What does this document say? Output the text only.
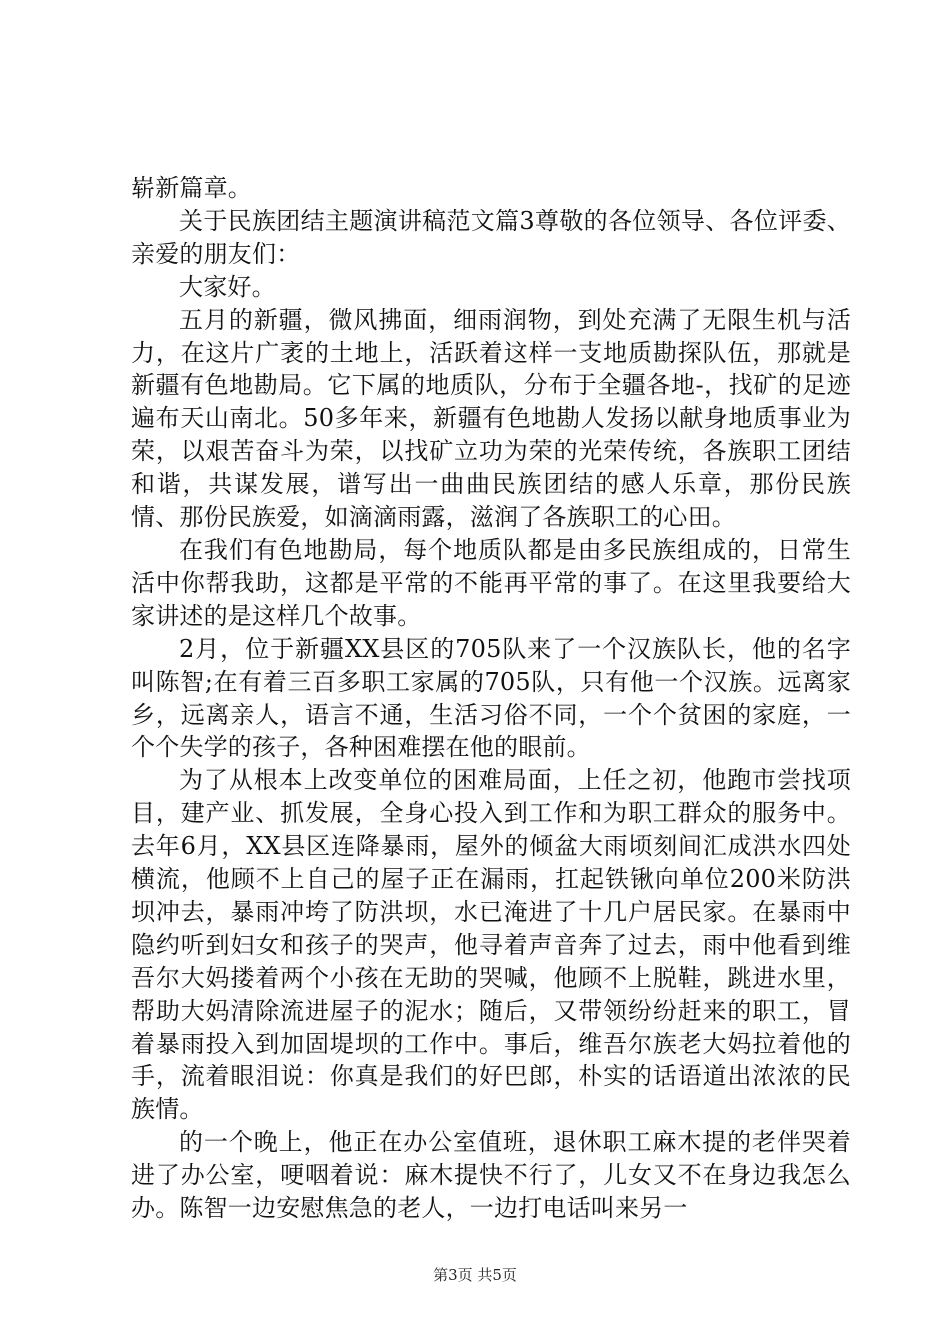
崭新篇章。

关于民族团结主题演讲稿范文篇3尊敬的各位领导、各位评委、亲爱的朋友们：

大家好。

五月的新疆，微风拂面，细雨润物，到处充满了无限生机与活力，在这片广袤的土地上，活跃着这样一支地质勘探队伍，那就是新疆有色地勘局。它下属的地质队，分布于全疆各地-，找矿的足迹遍布天山南北。50多年来，新疆有色地勘人发扬以献身地质事业为荣，以艰苦奋斗为荣，以找矿立功为荣的光荣传统，各族职工团结和谐，共谋发展，谱写出一曲曲民族团结的感人乐章，那份民族情、那份民族爱，如滴滴雨露，滋润了各族职工的心田。

在我们有色地勘局，每个地质队都是由多民族组成的，日常生活中你帮我助，这都是平常的不能再平常的事了。在这里我要给大家讲述的是这样几个故事。

2月，位于新疆XX县区的705队来了一个汉族队长，他的名字叫陈智;在有着三百多职工家属的705队，只有他一个汉族。远离家乡，远离亲人，语言不通，生活习俗不同，一个个贫困的家庭，一个个失学的孩子，各种困难摆在他的眼前。

为了从根本上改变单位的困难局面，上任之初，他跑市尝找项目，建产业、抓发展，全身心投入到工作和为职工群众的服务中。去年6月，XX县区连降暴雨，屋外的倾盆大雨顷刻间汇成洪水四处横流，他顾不上自己的屋子正在漏雨，扛起铁锹向单位200米防洪坝冲去，暴雨冲垮了防洪坝，水已淹进了十几户居民家。在暴雨中隐约听到妇女和孩子的哭声，他寻着声音奔了过去，雨中他看到维吾尔大妈搂着两个小孩在无助的哭喊，他顾不上脱鞋，跳进水里，帮助大妈清除流进屋子的泥水；随后，又带领纷纷赶来的职工，冒着暴雨投入到加固堤坝的工作中。事后，维吾尔族老大妈拉着他的手，流着眼泪说：你真是我们的好巴郎，朴实的话语道出浓浓的民族情。

的一个晚上，他正在办公室值班，退休职工麻木提的老伴哭着进了办公室，哽咽着说：麻木提快不行了，儿女又不在身边我怎么办。陈智一边安慰焦急的老人，一边打电话叫来另一

第3页 共5页
